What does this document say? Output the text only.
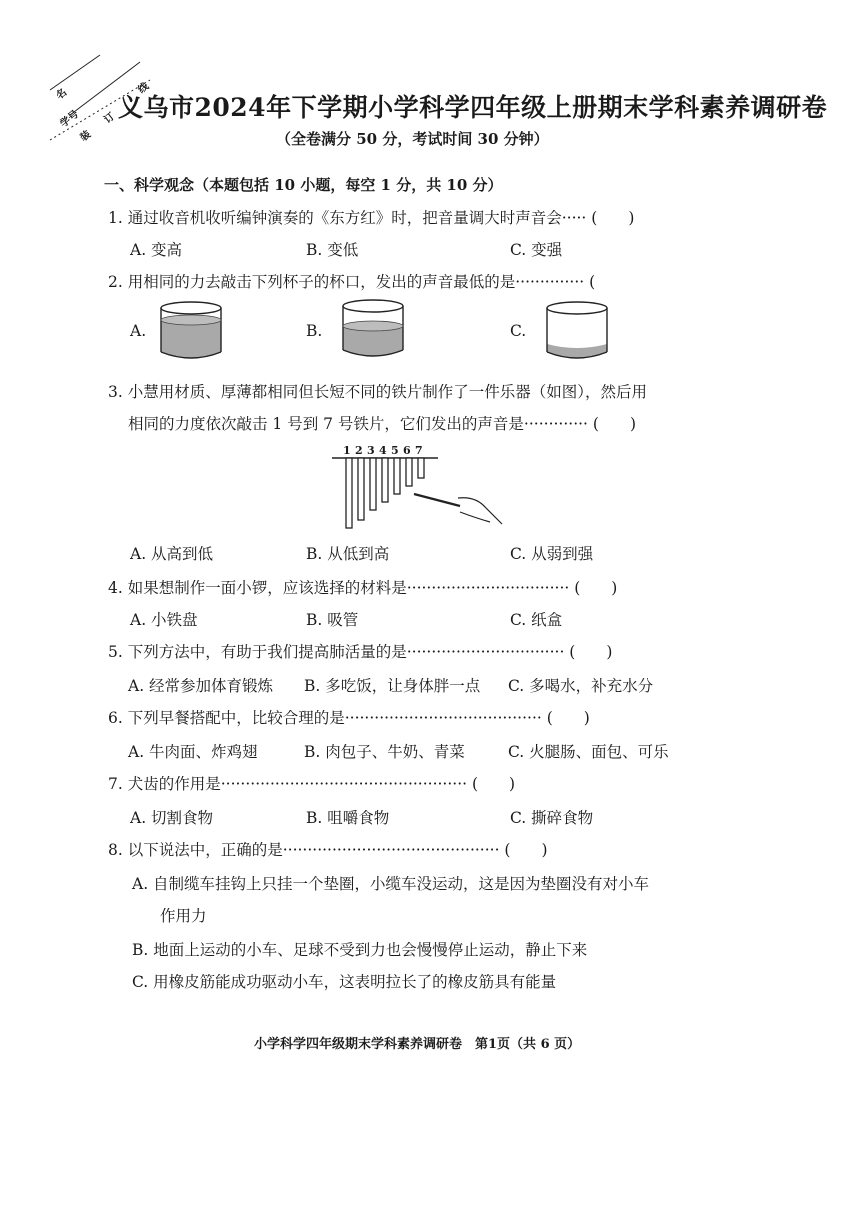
名
学号
装
订
线
义乌市2024年下学期小学科学四年级上册期末学科素养调研卷
（全卷满分 50 分，考试时间 30 分钟）
一、科学观念（本题包括 10 小题，每空 1 分，共 10 分）
1. 通过收音机收听编钟演奏的《东方红》时，把音量调大时声音会····· (　　)
A. 变高	B. 变低	C. 变强
2. 用相同的力去敲击下列杯子的杯口，发出的声音最低的是·············· (
A.	B.	C.
3. 小慧用材质、厚薄都相同但长短不同的铁片制作了一件乐器（如图），然后用
相同的力度依次敲击 1 号到 7 号铁片，它们发出的声音是············· (　　)
1 2 3 4 5 6 7
A. 从高到低	B. 从低到高	C. 从弱到强
4. 如果想制作一面小锣，应该选择的材料是································· (　　)
A. 小铁盘	B. 吸管	C. 纸盒
5. 下列方法中，有助于我们提高肺活量的是································ (　　)
A. 经常参加体育锻炼 B. 多吃饭，让身体胖一点 C. 多喝水，补充水分
6. 下列早餐搭配中，比较合理的是········································ (　　)
A. 牛肉面、炸鸡翅	B. 肉包子、牛奶、青菜	C. 火腿肠、面包、可乐
7. 犬齿的作用是·················································· (　　)
A. 切割食物	B. 咀嚼食物	C. 撕碎食物
8. 以下说法中，正确的是············································ (　　)
A. 自制缆车挂钩上只挂一个垫圈，小缆车没运动，这是因为垫圈没有对小车
作用力
B. 地面上运动的小车、足球不受到力也会慢慢停止运动，静止下来
C. 用橡皮筋能成功驱动小车，这表明拉长了的橡皮筋具有能量
小学科学四年级期末学科素养调研卷　第1页（共 6 页）
